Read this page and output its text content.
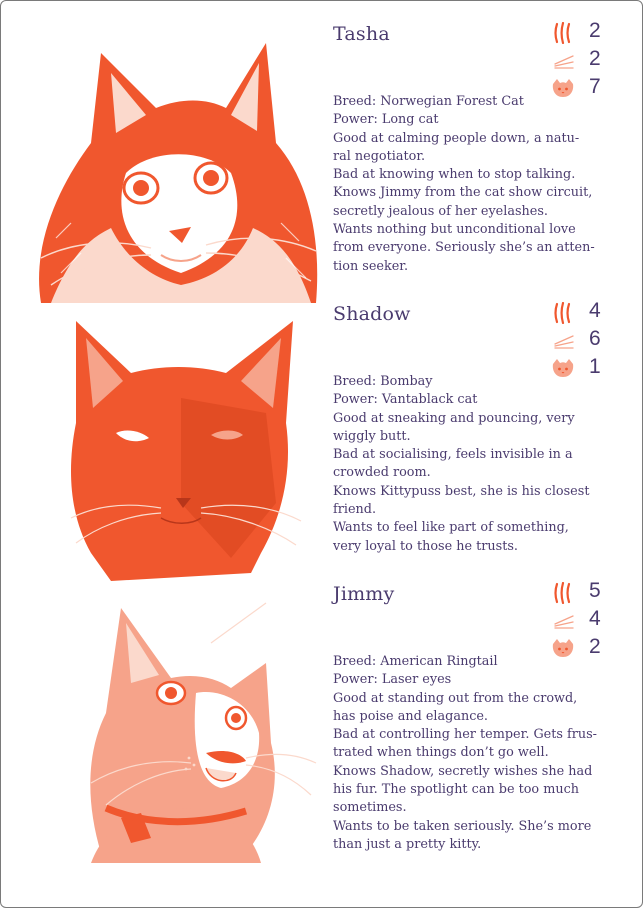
Tasha	2
2
7
Breed: Norwegian Forest Cat
Power: Long cat
Good at calming people down, a natu-
ral negotiator.
Bad at knowing when to stop talking.
Knows Jimmy from the cat show circuit,
secretly jealous of her eyelashes.
Wants nothing but unconditional love
from everyone. Seriously she’s an atten-
tion seeker.
Shadow	4
6
1
Breed: Bombay
Power: Vantablack cat
Good at sneaking and pouncing, very
wiggly butt.
Bad at socialising, feels invisible in a
crowded room.
Knows Kittypuss best, she is his closest
friend.
Wants to feel like part of something,
very loyal to those he trusts.
Jimmy	5
4
2
Breed: American Ringtail
Power: Laser eyes
Good at standing out from the crowd,
has poise and elagance.
Bad at controlling her temper. Gets frus-
trated when things don’t go well.
Knows Shadow, secretly wishes she had
his fur. The spotlight can be too much
sometimes.
Wants to be taken seriously. She’s more
than just a pretty kitty.
